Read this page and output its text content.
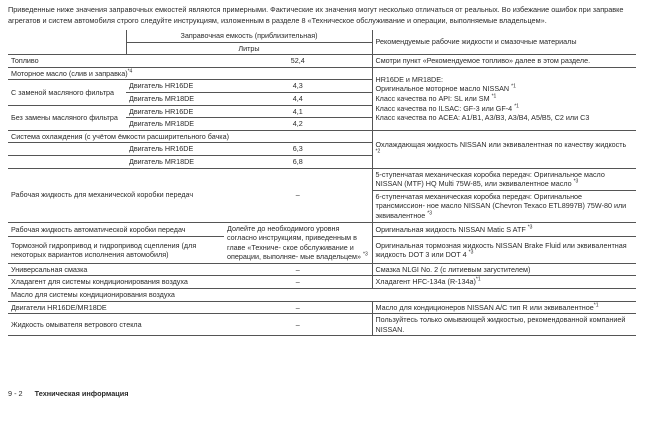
Приведенные ниже значения заправочных емкостей являются примерными. Фактические их значения могут несколько отличаться от реальных. Во избежание ошибок при заправке агрегатов и систем автомобиля строго следуйте инструкциям, изложенным в разделе 8 «Техническое обслуживание и операции, выполняемые владельцем».

	Заправочная емкость (приблизительная)		Рекомендуемые рабочие жидкости и смазочные материалы
	Литры		
Топливо		52,4	Смотри пункт «Рекомендуемое топливо» далее в этом разделе.
Моторное масло (слив и заправка)$^{*4}$			HR16DE и MR18DE:
Оригинальное моторное масло NISSAN $^{*1}$
Класс качества по API: SL или SM $^{*1}$
Класс качества по ILSAC: GF-3 или GF-4 $^{*1}$
Класс качества по ACEA: A1/B1, A3/B3, A3/B4, A5/B5, C2 или C3

С заменой масляного фильтра	Двигатель HR16DE	4,3	
	Двигатель MR18DE	4,4	
Без замены масляного фильтра	Двигатель HR16DE	4,1	
	Двигатель MR18DE	4,2	
Система охлаждения (с учётом ёмкости расширительного бачка)			Охлаждающая жидкость NISSAN или эквивалентная по качеству жидкость $^{*2}$
	Двигатель HR16DE	6,3	
	Двигатель MR18DE	6,8	
Рабочая жидкость для механической коробки передач		–	5-ступенчатая механическая коробка передач: Оригинальное масло NISSAN (MTF) HQ Multi 75W-85, или эквивалентное масло $^{*3}$
			6-ступенчатая механическая коробка передач: Оригинальное трансмиссион- ное масло NISSAN (Chevron Texaco ETL8997B) 75W-80 или эквивалентное $^{*3}$
Рабочая жидкость автоматической коробки передач		Долейте до необходимого уровня согласно инструкциям, приведенным в главе «Техниче- ское обслуживание и операции, выполняе- мые владельцем» $^{*3}$	Оригинальная жидкость NISSAN Matic S ATF $^{*3}$
Тормозной гидропривод и гидропривод сцепления (для некоторых вариантов исполнения автомобиля)			Оригинальная тормозная жидкость NISSAN Brake Fluid или эквивалентная жидкость DOT 3 или DOT 4 $^{*3}$
Универсальная смазка		–	Смазка NLGI No. 2 (с литиевым загустителем)
Хладагент для системы кондиционирования воздуха		–	Хладагент HFC-134a $(R-134a)^{*1}$
Масло для системы кондиционирования воздуха			
Двигатели HR16DE/MR18DE		–	Масло для кондиционеров NISSAN A/C тип R или эквивалентное$^{*1}$
Жидкость омывателя ветрового стекла		–	Пользуйтесь только омывающей жидкостью, рекомендованной компанией NISSAN.
9 - 2 Техническая информация
